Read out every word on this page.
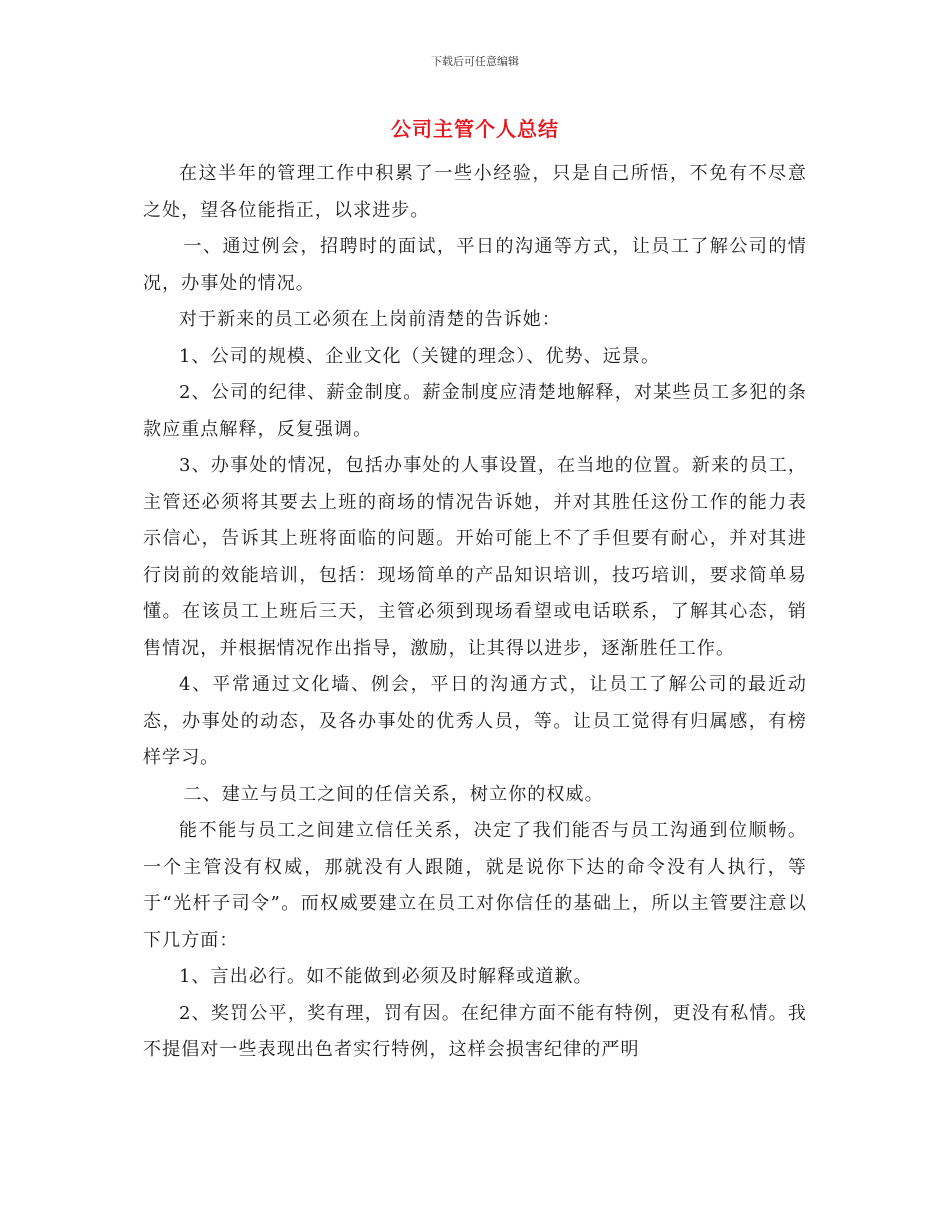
下载后可任意编辑
公司主管个人总结

在这半年的管理工作中积累了一些小经验，只是自己所悟，不免有不尽意之处，望各位能指正，以求进步。

一、通过例会，招聘时的面试，平日的沟通等方式，让员工了解公司的情况，办事处的情况。

对于新来的员工必须在上岗前清楚的告诉她：

1、公司的规模、企业文化（关键的理念）、优势、远景。

2、公司的纪律、薪金制度。薪金制度应清楚地解释，对某些员工多犯的条款应重点解释，反复强调。

3、办事处的情况，包括办事处的人事设置，在当地的位置。新来的员工，主管还必须将其要去上班的商场的情况告诉她，并对其胜任这份工作的能力表示信心，告诉其上班将面临的问题。开始可能上不了手但要有耐心，并对其进行岗前的效能培训，包括：现场简单的产品知识培训，技巧培训，要求简单易懂。在该员工上班后三天，主管必须到现场看望或电话联系，了解其心态，销售情况，并根据情况作出指导，激励，让其得以进步，逐渐胜任工作。

4、平常通过文化墙、例会，平日的沟通方式，让员工了解公司的最近动态，办事处的动态，及各办事处的优秀人员，等。让员工觉得有归属感，有榜样学习。

二、建立与员工之间的任信关系，树立你的权威。

能不能与员工之间建立信任关系，决定了我们能否与员工沟通到位顺畅。一个主管没有权威，那就没有人跟随，就是说你下达的命令没有人执行，等于“光杆子司令”。而权威要建立在员工对你信任的基础上，所以主管要注意以下几方面：

1、言出必行。如不能做到必须及时解释或道歉。

2、奖罚公平，奖有理，罚有因。在纪律方面不能有特例，更没有私情。我不提倡对一些表现出色者实行特例，这样会损害纪律的严明
